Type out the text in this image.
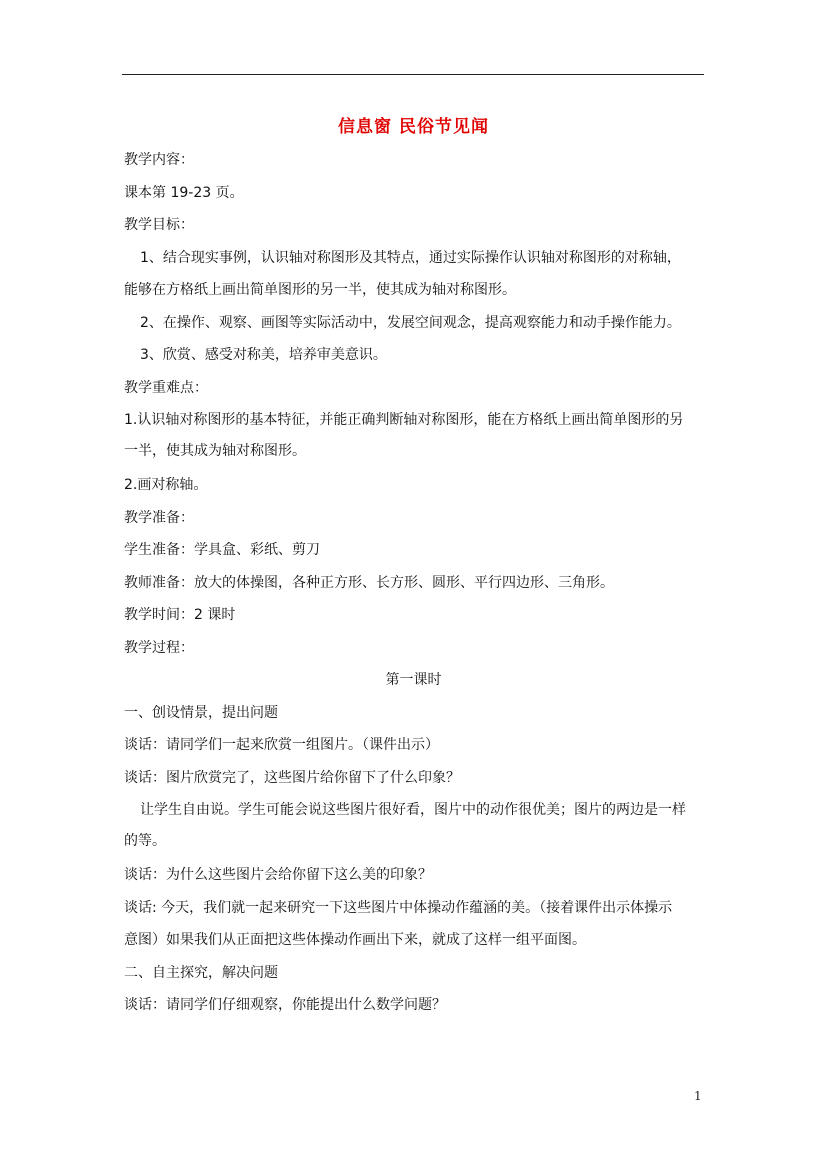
信息窗 民俗节见闻
教学内容：
课本第 19-23 页。
教学目标：
1、结合现实事例，认识轴对称图形及其特点，通过实际操作认识轴对称图形的对称轴，
能够在方格纸上画出简单图形的另一半，使其成为轴对称图形。
2、在操作、观察、画图等实际活动中，发展空间观念，提高观察能力和动手操作能力。
3、欣赏、感受对称美，培养审美意识。
教学重难点：
1.认识轴对称图形的基本特征，并能正确判断轴对称图形，能在方格纸上画出简单图形的另
一半，使其成为轴对称图形。
2.画对称轴。
教学准备：
学生准备：学具盒、彩纸、剪刀
教师准备：放大的体操图，各种正方形、长方形、圆形、平行四边形、三角形。
教学时间：2 课时
教学过程：
第一课时
一、创设情景，提出问题
谈话：请同学们一起来欣赏一组图片。（课件出示）
谈话：图片欣赏完了，这些图片给你留下了什么印象？
让学生自由说。学生可能会说这些图片很好看，图片中的动作很优美；图片的两边是一样
的等。
谈话：为什么这些图片会给你留下这么美的印象？
谈话: 今天，我们就一起来研究一下这些图片中体操动作蕴涵的美。（接着课件出示体操示
意图）如果我们从正面把这些体操动作画出下来，就成了这样一组平面图。
二、自主探究，解决问题
谈话：请同学们仔细观察，你能提出什么数学问题？
1
